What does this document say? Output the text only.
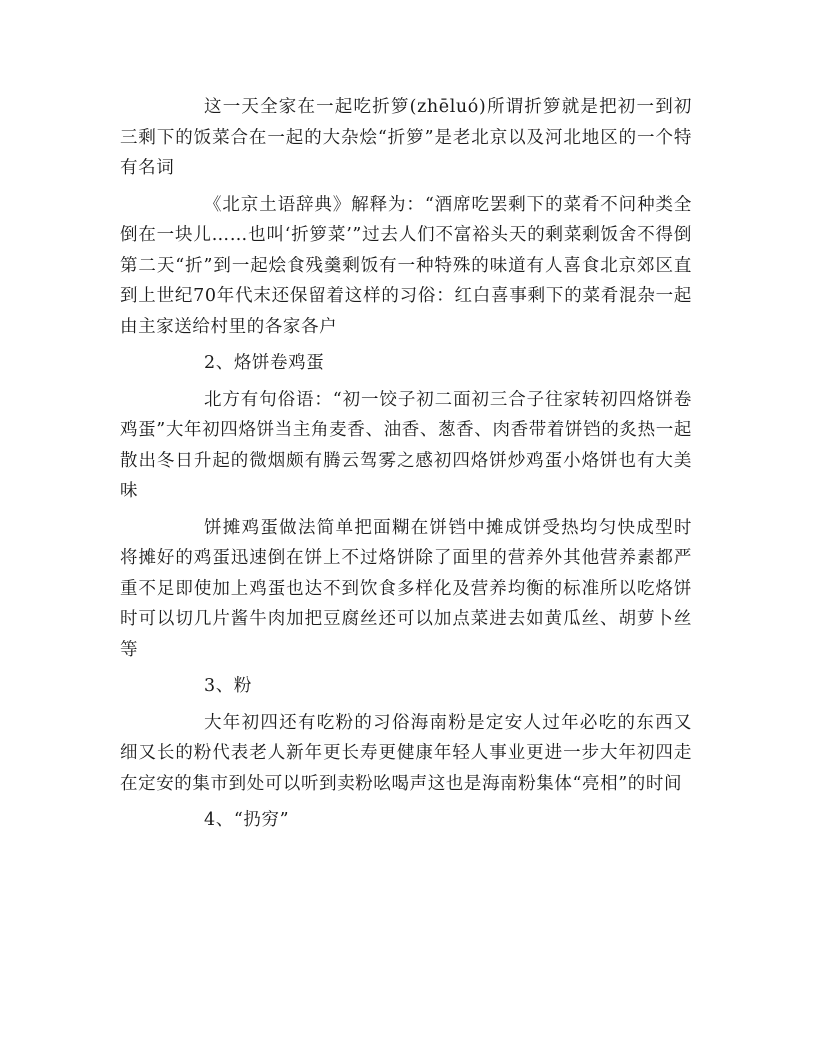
这一天全家在一起吃折箩(zhēluó)所谓折箩就是把初一到初三剩下的饭菜合在一起的大杂烩“折箩”是老北京以及河北地区的一个特有名词

《北京土语辞典》解释为：“酒席吃罢剩下的菜肴不问种类全倒在一块儿……也叫‘折箩菜’”过去人们不富裕头天的剩菜剩饭舍不得倒第二天“折”到一起烩食残羹剩饭有一种特殊的味道有人喜食北京郊区直到上世纪70年代末还保留着这样的习俗：红白喜事剩下的菜肴混杂一起由主家送给村里的各家各户

2、烙饼卷鸡蛋

北方有句俗语：“初一饺子初二面初三合子往家转初四烙饼卷鸡蛋”大年初四烙饼当主角麦香、油香、葱香、肉香带着饼铛的炙热一起散出冬日升起的微烟颇有腾云驾雾之感初四烙饼炒鸡蛋小烙饼也有大美味

饼摊鸡蛋做法简单把面糊在饼铛中摊成饼受热均匀快成型时将摊好的鸡蛋迅速倒在饼上不过烙饼除了面里的营养外其他营养素都严重不足即使加上鸡蛋也达不到饮食多样化及营养均衡的标准所以吃烙饼时可以切几片酱牛肉加把豆腐丝还可以加点菜进去如黄瓜丝、胡萝卜丝等

3、粉

大年初四还有吃粉的习俗海南粉是定安人过年必吃的东西又细又长的粉代表老人新年更长寿更健康年轻人事业更进一步大年初四走在定安的集市到处可以听到卖粉吆喝声这也是海南粉集体“亮相”的时间

4、“扔穷”
